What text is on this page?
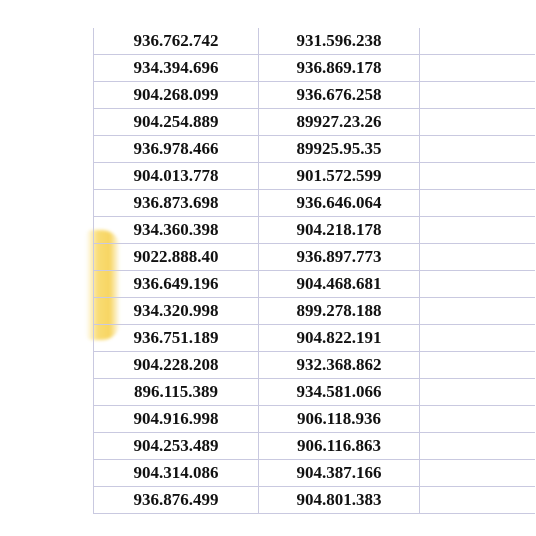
936.762.742	931.596.238	
934.394.696	936.869.178	
904.268.099	936.676.258	
904.254.889	89927.23.26	
936.978.466	89925.95.35	
904.013.778	901.572.599	
936.873.698	936.646.064	
934.360.398	904.218.178	
9022.888.40	936.897.773	
936.649.196	904.468.681	
934.320.998	899.278.188	
936.751.189	904.822.191	
904.228.208	932.368.862	
896.115.389	934.581.066	
904.916.998	906.118.936	
904.253.489	906.116.863	
904.314.086	904.387.166	
936.876.499	904.801.383	
